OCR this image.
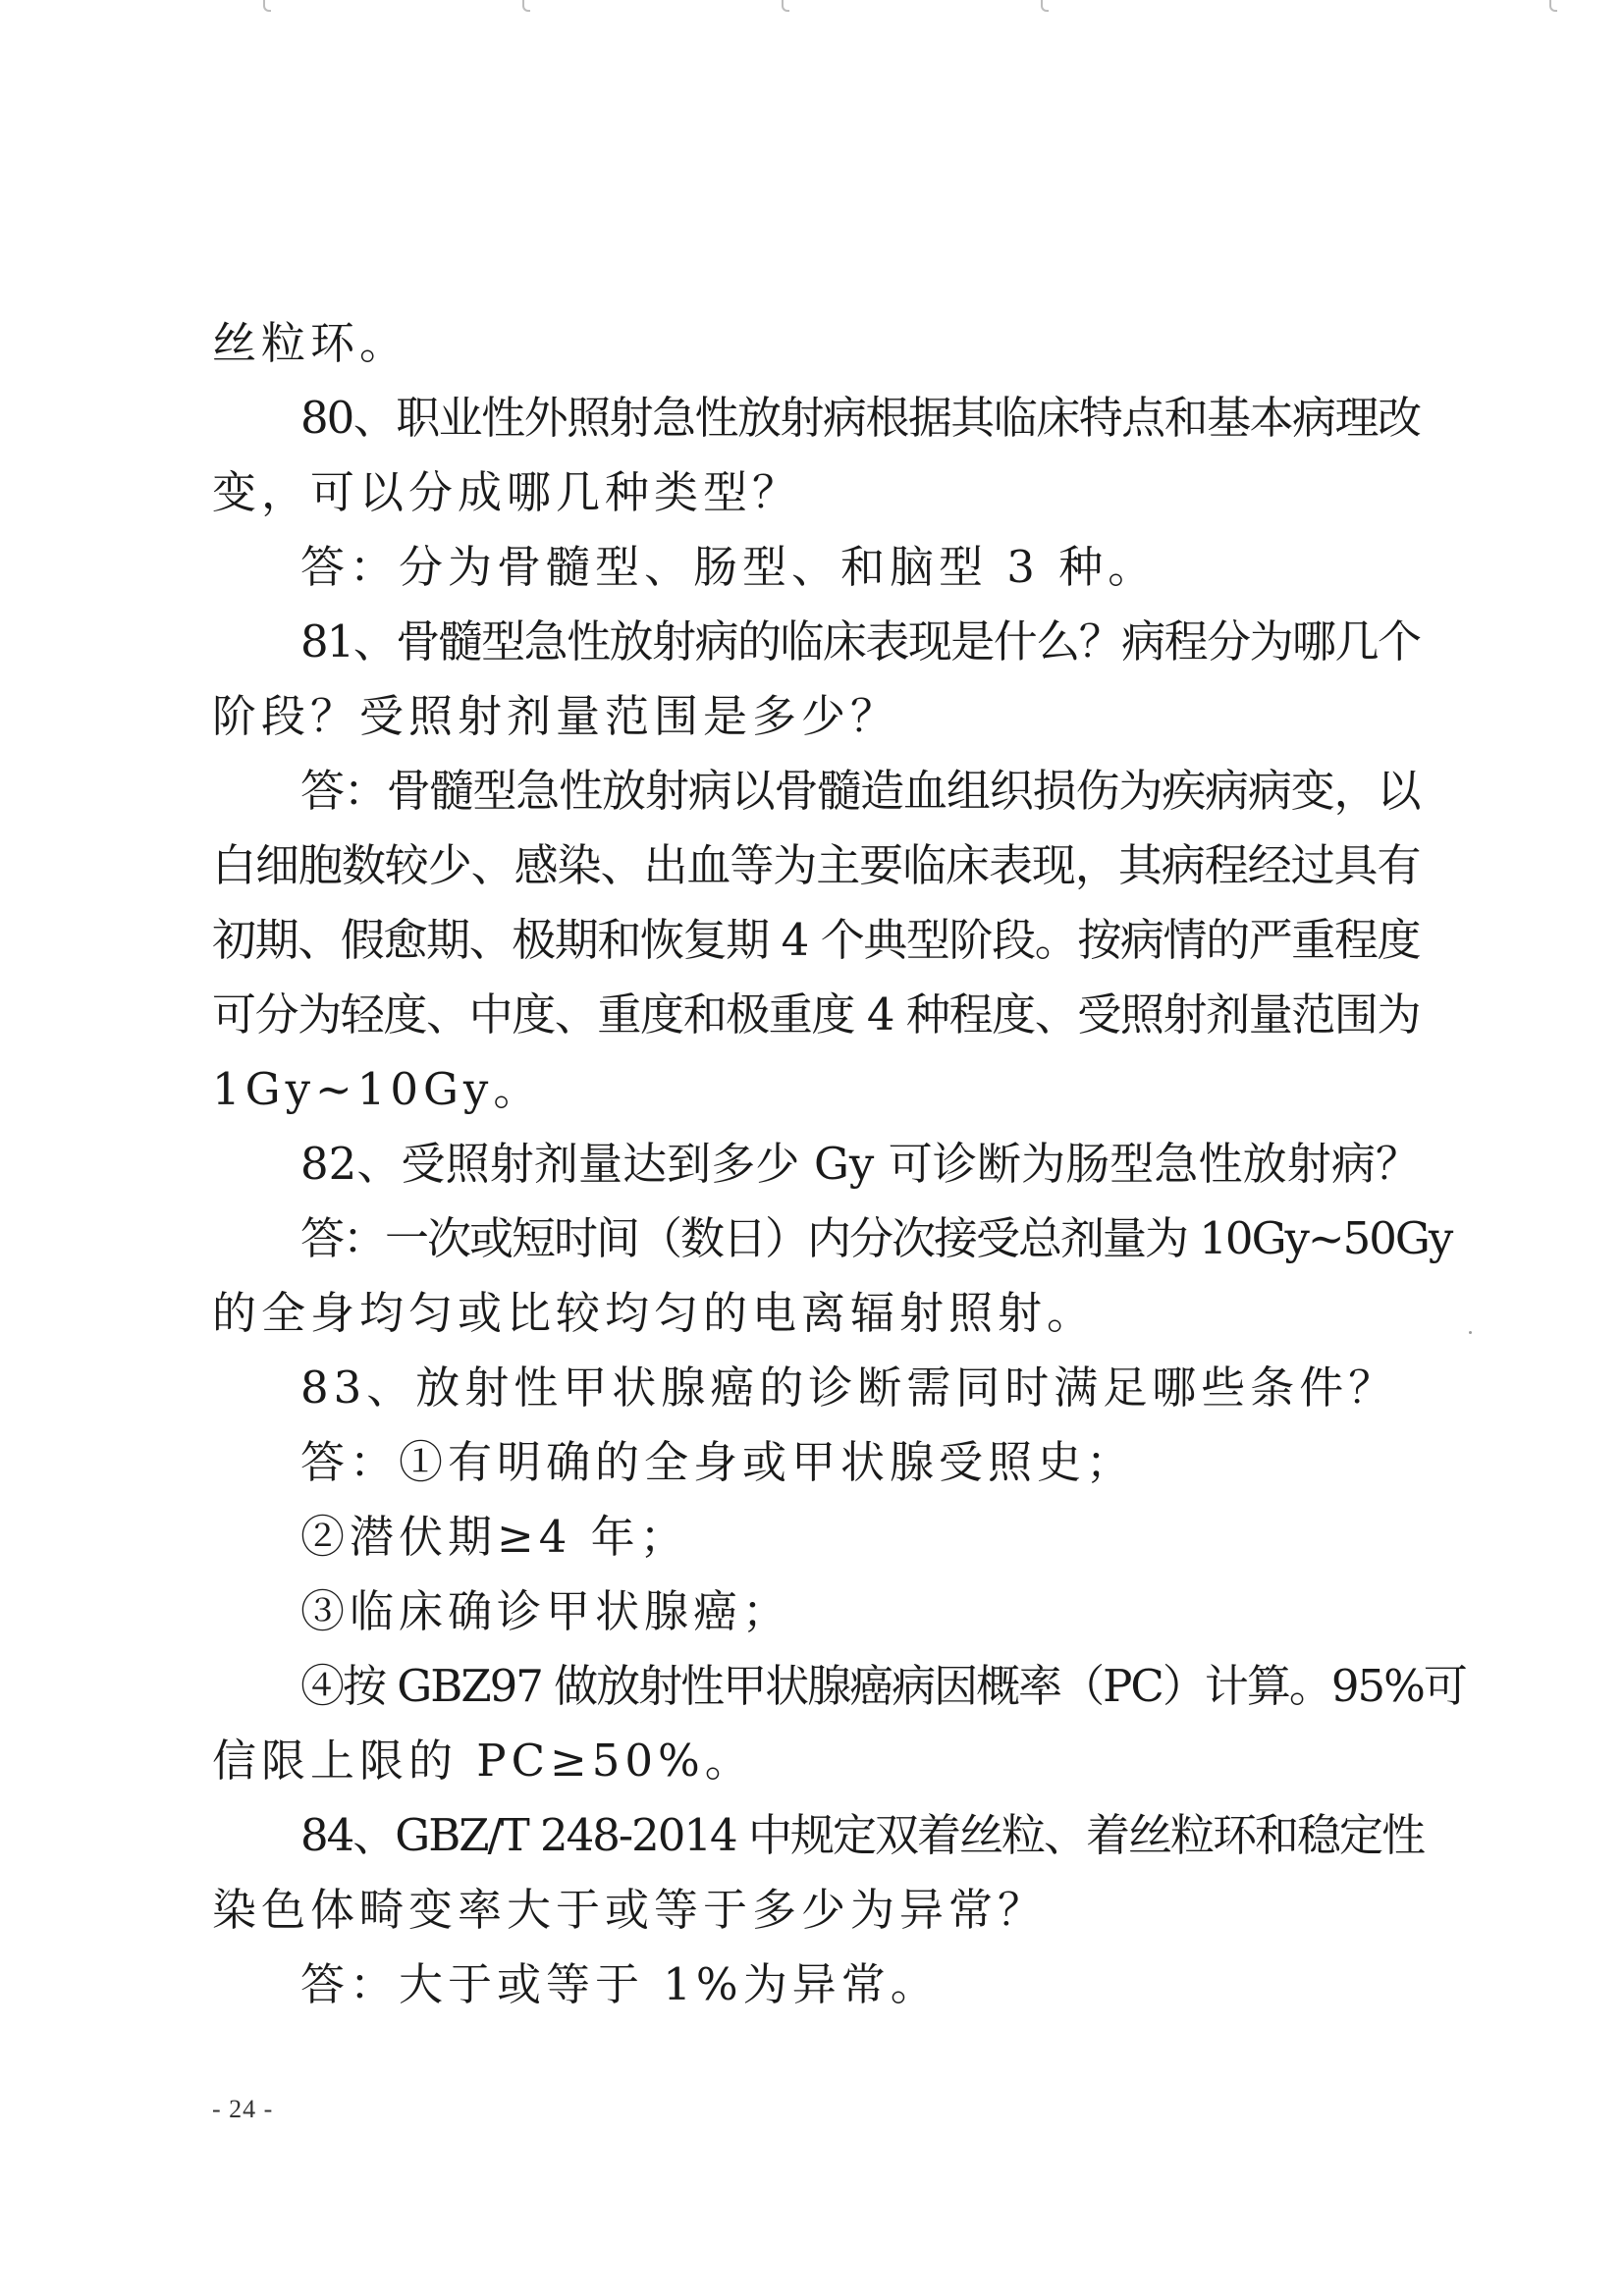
丝粒环。
80、职业性外照射急性放射病根据其临床特点和基本病理改
变，可以分成哪几种类型？
答：分为骨髓型、肠型、和脑型 3 种。
81、骨髓型急性放射病的临床表现是什么？病程分为哪几个
阶段？受照射剂量范围是多少？
答：骨髓型急性放射病以骨髓造血组织损伤为疾病病变，以
白细胞数较少、感染、出血等为主要临床表现，其病程经过具有
初期、假愈期、极期和恢复期 4 个典型阶段。按病情的严重程度
可分为轻度、中度、重度和极重度 4 种程度、受照射剂量范围为
1Gy~10Gy。
82、受照射剂量达到多少 Gy 可诊断为肠型急性放射病？
答：一次或短时间（数日）内分次接受总剂量为 10Gy~50Gy
的全身均匀或比较均匀的电离辐射照射。
83、放射性甲状腺癌的诊断需同时满足哪些条件？
答：①有明确的全身或甲状腺受照史；
②潜伏期≥4 年；
③临床确诊甲状腺癌；
④按 GBZ97 做放射性甲状腺癌病因概率（PC）计算。95%可
信限上限的 PC≥50%。
84、GBZ/T 248-2014 中规定双着丝粒、着丝粒环和稳定性
染色体畸变率大于或等于多少为异常？
答：大于或等于 1%为异常。
- 24 -
